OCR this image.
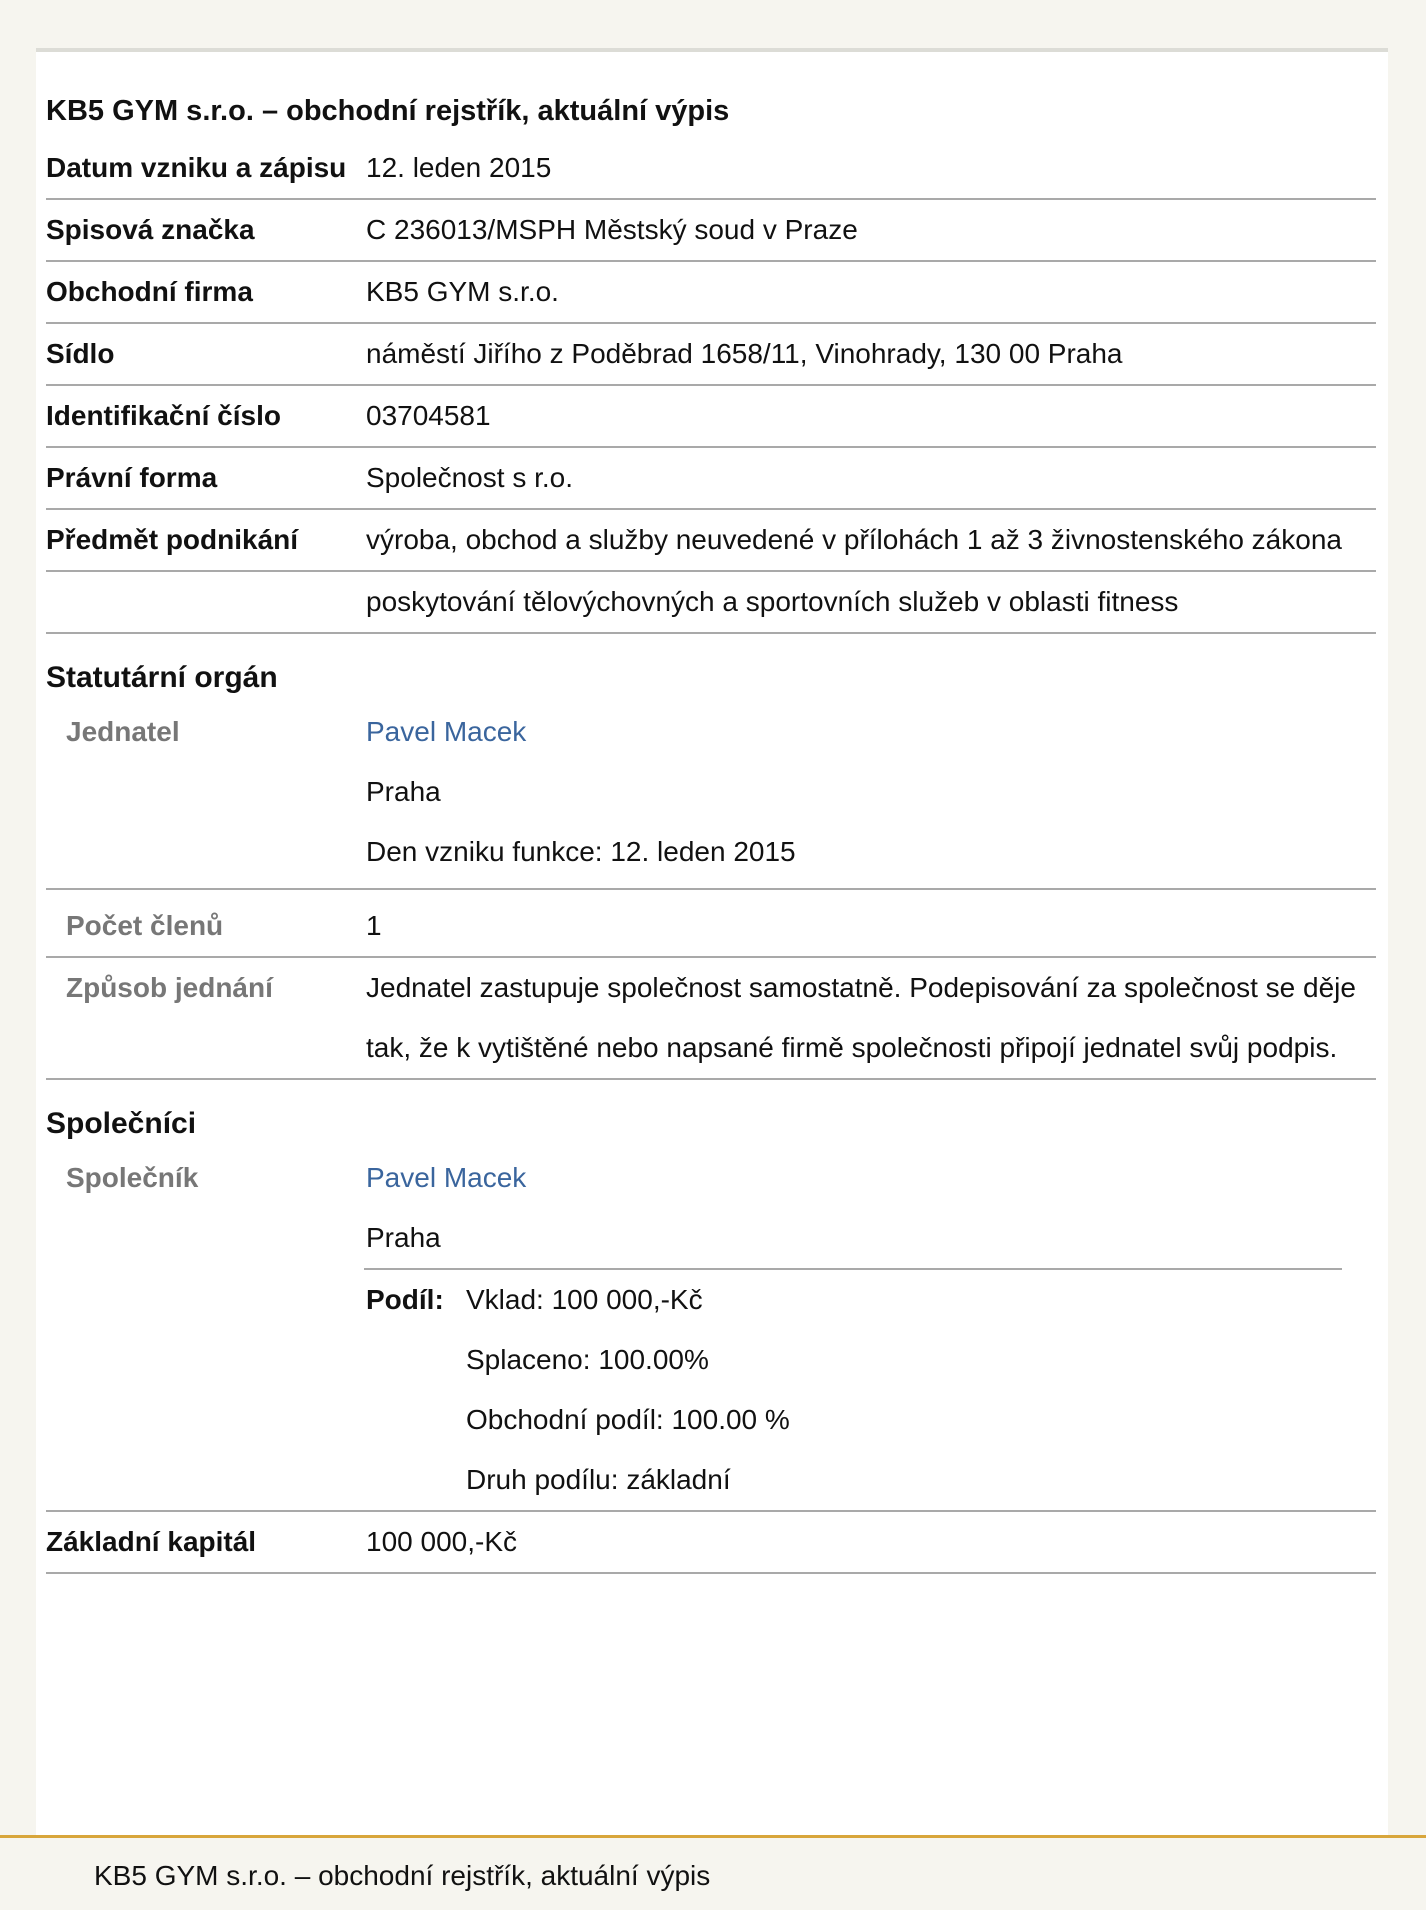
KB5 GYM s.r.o. – obchodní rejstřík, aktuální výpis
Datum vzniku a zápisu 12. leden 2015
Spisová značka	C 236013/MSPH Městský soud v Praze
Obchodní firma	KB5 GYM s.r.o.
Sídlo	náměstí Jiřího z Poděbrad 1658/11, Vinohrady, 130 00 Praha
Identifikační číslo	03704581
Právní forma	Společnost s r.o.
Předmět podnikání	výroba, obchod a služby neuvedené v přílohách 1 až 3 živnostenského zákona
poskytování tělovýchovných a sportovních služeb v oblasti fitness
Statutární orgán
Jednatel	Pavel Macek
Praha
Den vzniku funkce: 12. leden 2015
Počet členů	1
Způsob jednání	Jednatel zastupuje společnost samostatně. Podepisování za společnost se děje tak, že k vytištěné nebo napsané firmě společnosti připojí jednatel svůj podpis.
Společníci
Společník	Pavel Macek
Praha
Podíl: Vklad: 100 000,-Kč
Splaceno: 100.00%
Obchodní podíl: 100.00 %
Druh podílu: základní
Základní kapitál	100 000,-Kč
KB5 GYM s.r.o. – obchodní rejstřík, aktuální výpis
